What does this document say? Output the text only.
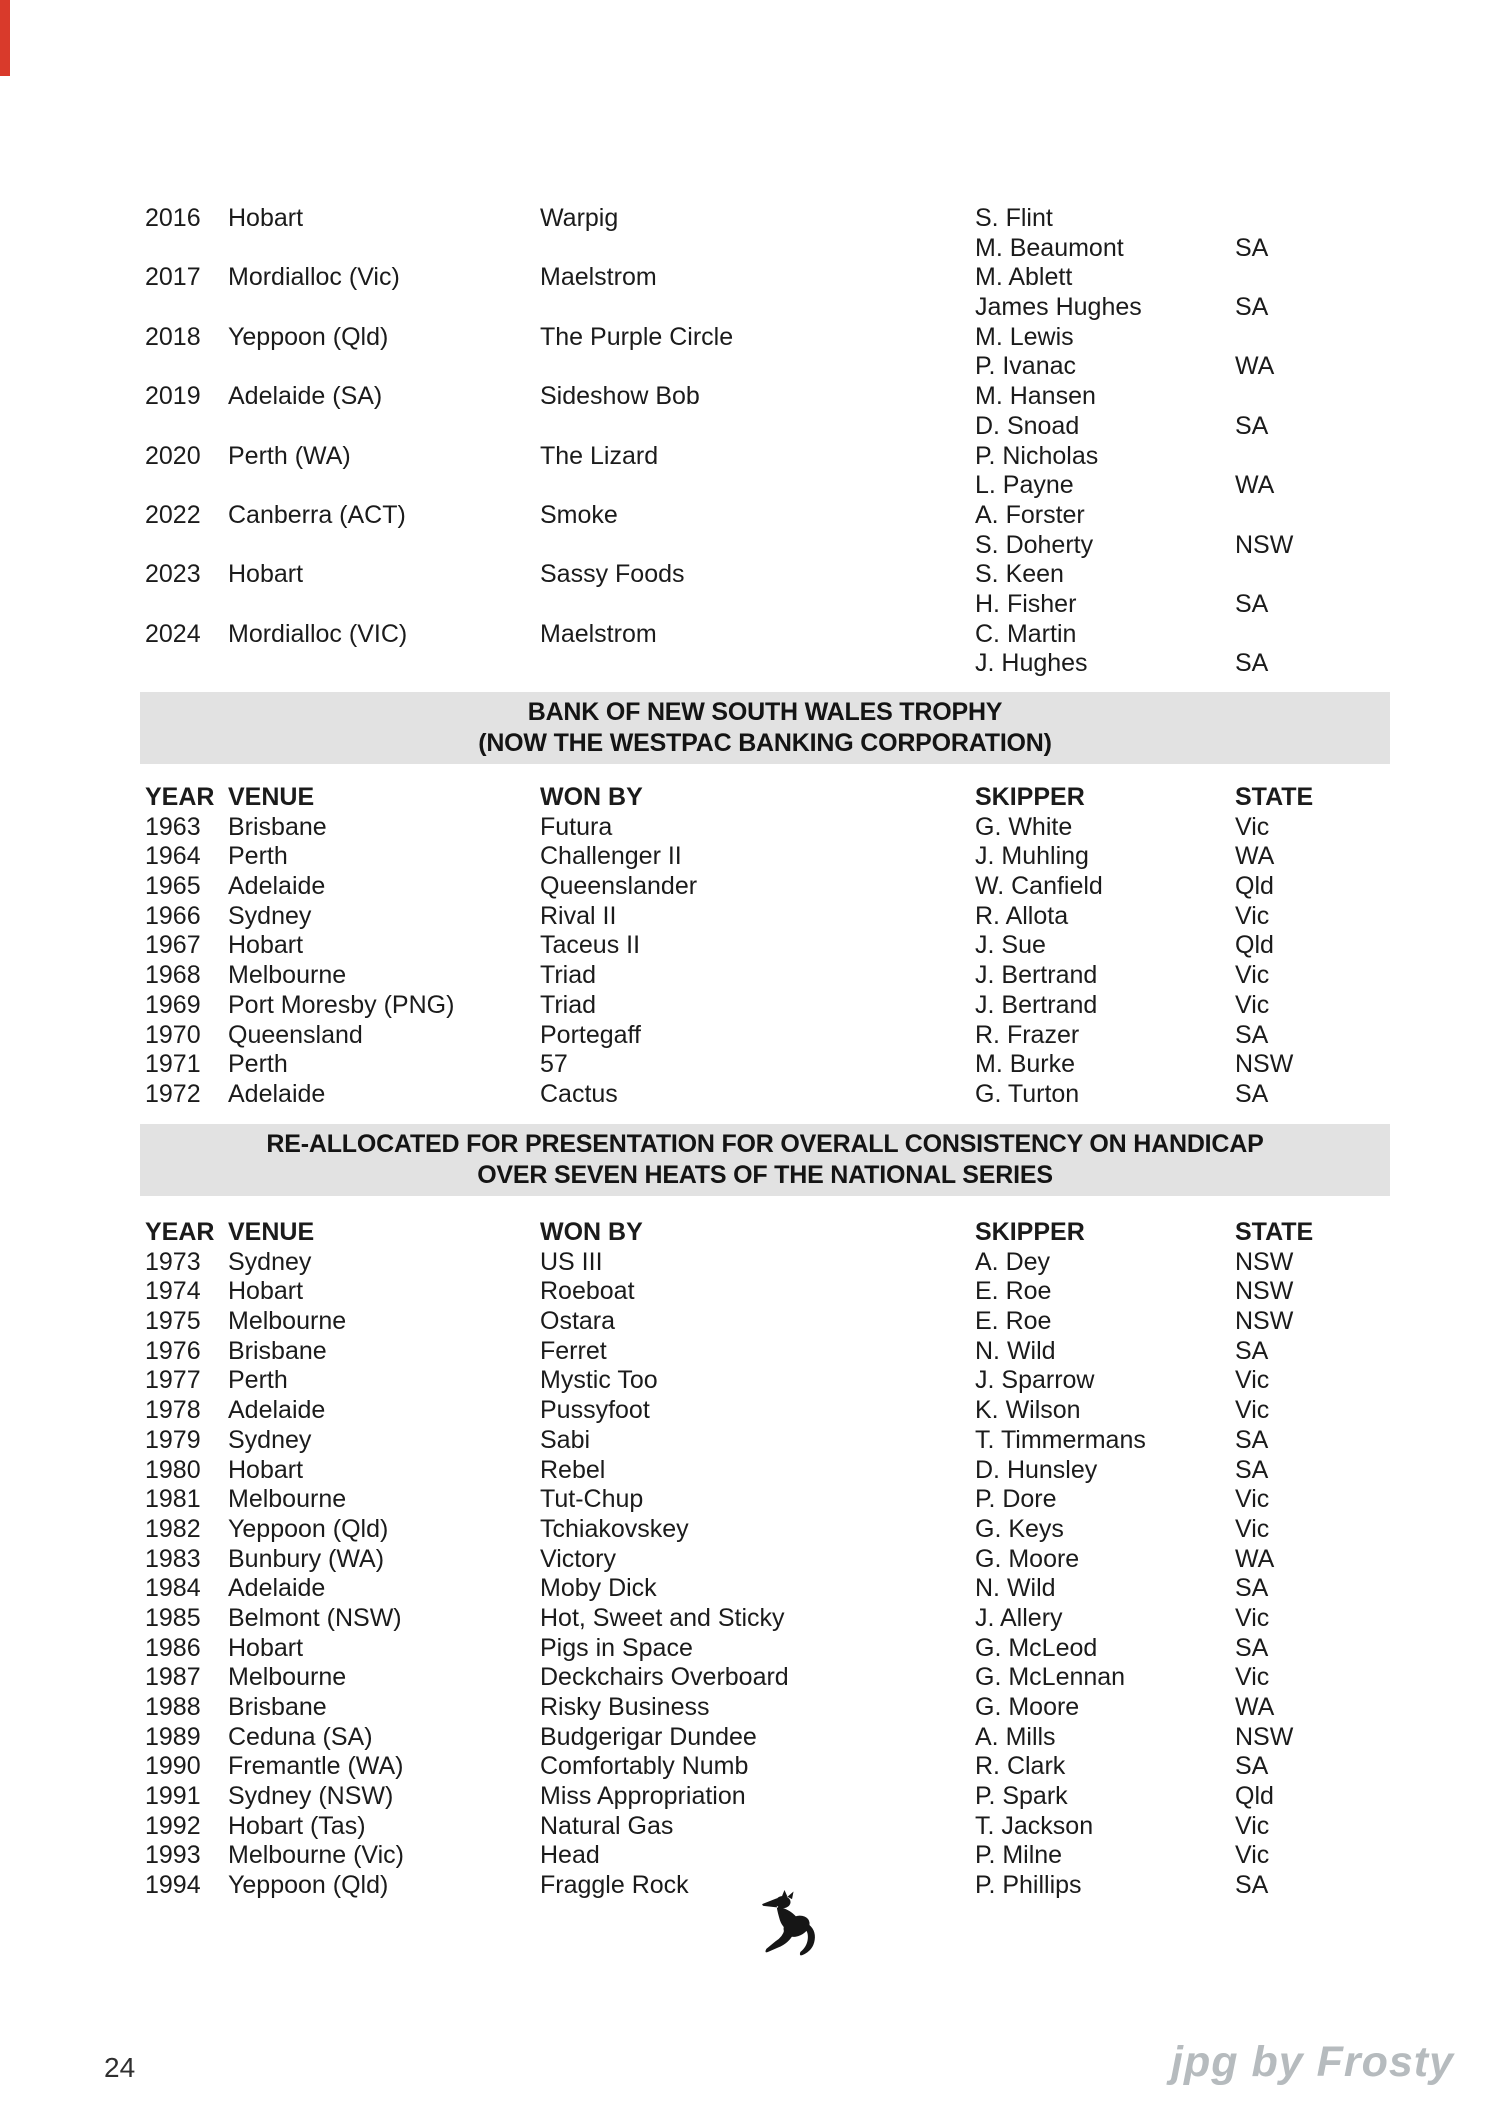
2016 Hobart	Warpig	S. Flint
M. Beaumont	SA
2017 Mordialloc (Vic)	Maelstrom	M. Ablett
James Hughes	SA
2018 Yeppoon (Qld)	The Purple Circle	M. Lewis
P. Ivanac	WA
2019 Adelaide (SA)	Sideshow Bob	M. Hansen
D. Snoad	SA
2020 Perth (WA)	The Lizard	P. Nicholas
L. Payne	WA
2022 Canberra (ACT)	Smoke	A. Forster
S. Doherty	NSW
2023 Hobart	Sassy Foods	S. Keen
H. Fisher	SA
2024 Mordialloc (VIC)	Maelstrom	C. Martin
J. Hughes	SA
BANK OF NEW SOUTH WALES TROPHY
(NOW THE WESTPAC BANKING CORPORATION)
YEAR VENUE	WON BY	SKIPPER	STATE
1963 Brisbane	Futura	G. White	Vic
1964 Perth	Challenger II	J. Muhling	WA
1965 Adelaide	Queenslander	W. Canfield	Qld
1966 Sydney	Rival II	R. Allota	Vic
1967 Hobart	Taceus II	J. Sue	Qld
1968 Melbourne	Triad	J. Bertrand	Vic
1969 Port Moresby (PNG)	Triad	J. Bertrand	Vic
1970 Queensland	Portegaff	R. Frazer	SA
1971 Perth	57	M. Burke	NSW
1972 Adelaide	Cactus	G. Turton	SA
RE-ALLOCATED FOR PRESENTATION FOR OVERALL CONSISTENCY ON HANDICAP
OVER SEVEN HEATS OF THE NATIONAL SERIES
YEAR VENUE	WON BY	SKIPPER	STATE
1973 Sydney	US III	A. Dey	NSW
1974 Hobart	Roeboat	E. Roe	NSW
1975 Melbourne	Ostara	E. Roe	NSW
1976 Brisbane	Ferret	N. Wild	SA
1977 Perth	Mystic Too	J. Sparrow	Vic
1978 Adelaide	Pussyfoot	K. Wilson	Vic
1979 Sydney	Sabi	T. Timmermans	SA
1980 Hobart	Rebel	D. Hunsley	SA
1981 Melbourne	Tut-Chup	P. Dore	Vic
1982 Yeppoon (Qld)	Tchiakovskey	G. Keys	Vic
1983 Bunbury (WA)	Victory	G. Moore	WA
1984 Adelaide	Moby Dick	N. Wild	SA
1985 Belmont (NSW)	Hot, Sweet and Sticky	J. Allery	Vic
1986 Hobart	Pigs in Space	G. McLeod	SA
1987 Melbourne	Deckchairs Overboard	G. McLennan	Vic
1988 Brisbane	Risky Business	G. Moore	WA
1989 Ceduna (SA)	Budgerigar Dundee	A. Mills	NSW
1990 Fremantle (WA)	Comfortably Numb	R. Clark	SA
1991 Sydney (NSW)	Miss Appropriation	P. Spark	Qld
1992 Hobart (Tas)	Natural Gas	T. Jackson	Vic
1993 Melbourne (Vic)	Head	P. Milne	Vic
1994 Yeppoon (Qld)	Fraggle Rock	P. Phillips	SA
24	jpg by Frosty
